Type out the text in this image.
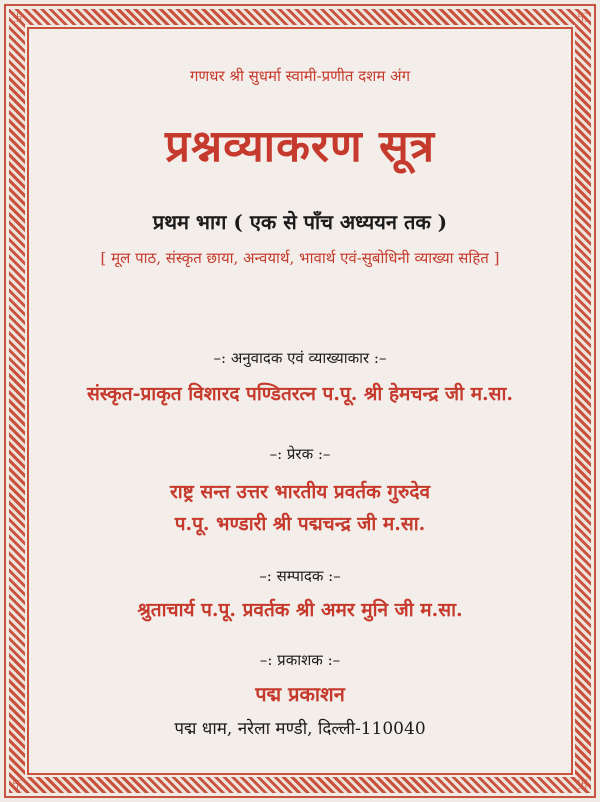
卐	卐
卐	卐
गणधर श्री सुधर्मा स्वामी-प्रणीत दशम अंग
प्रश्नव्याकरण सूत्र
प्रथम भाग ( एक से पाँच अध्ययन तक )
[ मूल पाठ, संस्कृत छाया, अन्वयार्थ, भावार्थ एवं-सुबोधिनी व्याख्या सहित ]
–: अनुवादक एवं व्याख्याकार :–
संस्कृत-प्राकृत विशारद पण्डितरत्न प.पू. श्री हेमचन्द्र जी म.सा.
–: प्रेरक :–
राष्ट्र सन्त उत्तर भारतीय प्रवर्तक गुरुदेव
प.पू. भण्डारी श्री पद्मचन्द्र जी म.सा.
–: सम्पादक :–
श्रुताचार्य प.पू. प्रवर्तक श्री अमर मुनि जी म.सा.
–: प्रकाशक :–
पद्म प्रकाशन
पद्म धाम, नरेला मण्डी, दिल्ली-110040
